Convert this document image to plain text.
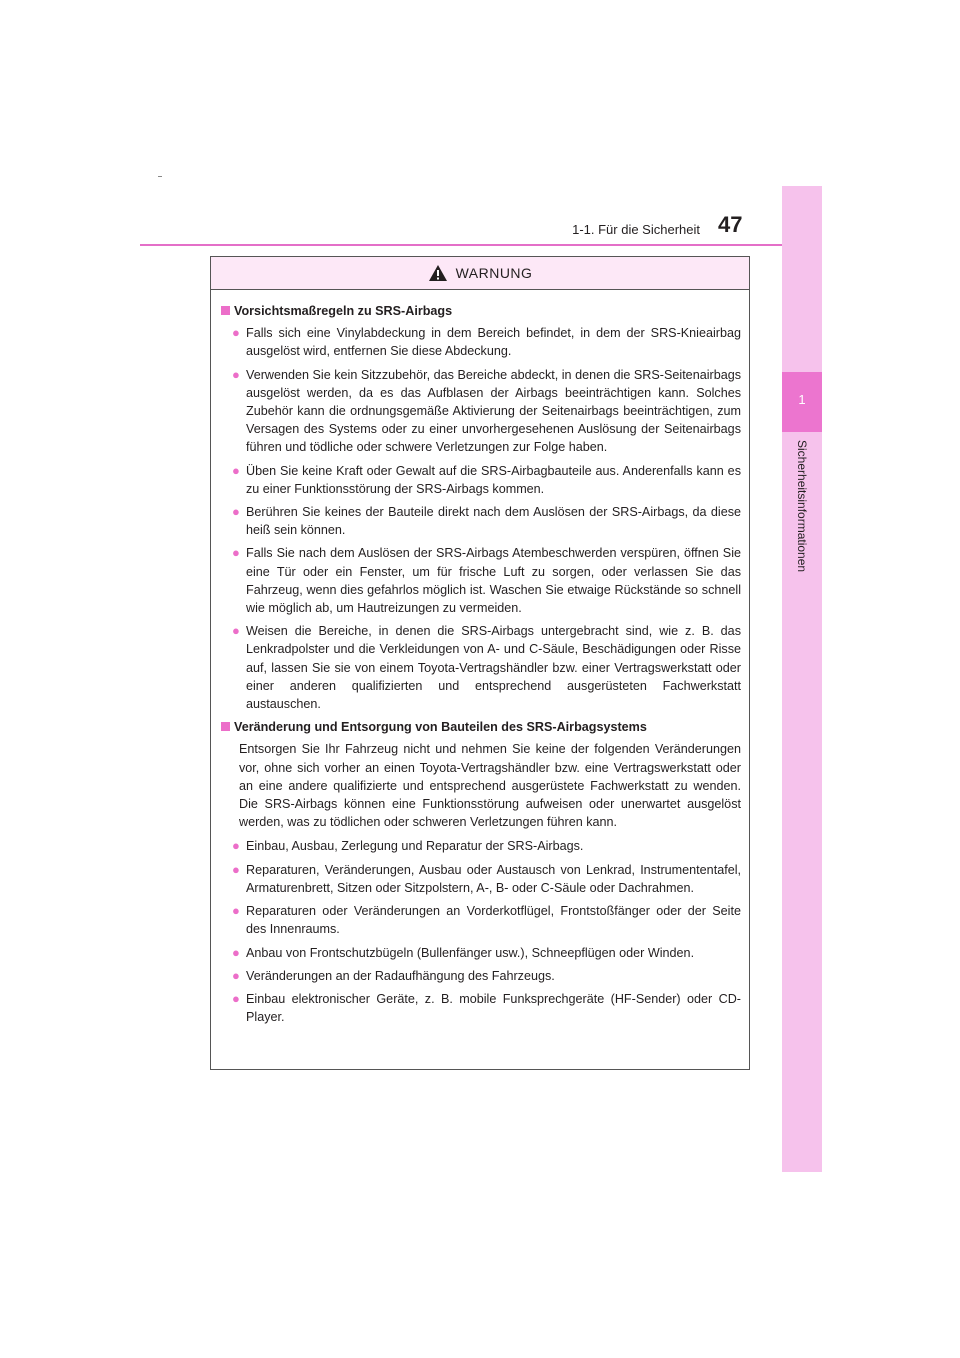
1-1. Für die Sicherheit 47
1
Sicherheitsinformationen
WARNUNG
Vorsichtsmaßregeln zu SRS-Airbags
● Falls sich eine Vinylabdeckung in dem Bereich befindet, in dem der SRS-Knieairbag ausgelöst wird, entfernen Sie diese Abdeckung.
● Verwenden Sie kein Sitzzubehör, das Bereiche abdeckt, in denen die SRS-Seitenairbags ausgelöst werden, da es das Aufblasen der Airbags beeinträchtigen kann. Solches Zubehör kann die ordnungsgemäße Aktivierung der Seitenairbags beeinträchtigen, zum Versagen des Systems oder zu einer unvorhergesehenen Auslösung der Seitenairbags führen und tödliche oder schwere Verletzungen zur Folge haben.
● Üben Sie keine Kraft oder Gewalt auf die SRS-Airbagbauteile aus. Anderenfalls kann es zu einer Funktionsstörung der SRS-Airbags kommen.
● Berühren Sie keines der Bauteile direkt nach dem Auslösen der SRS-Airbags, da diese heiß sein können.
● Falls Sie nach dem Auslösen der SRS-Airbags Atembeschwerden verspüren, öffnen Sie eine Tür oder ein Fenster, um für frische Luft zu sorgen, oder verlassen Sie das Fahrzeug, wenn dies gefahrlos möglich ist. Waschen Sie etwaige Rückstände so schnell wie möglich ab, um Hautreizungen zu vermeiden.
● Weisen die Bereiche, in denen die SRS-Airbags untergebracht sind, wie z. B. das Lenkradpolster und die Verkleidungen von A- und C-Säule, Beschädigungen oder Risse auf, lassen Sie sie von einem Toyota-Vertragshändler bzw. einer Vertragswerkstatt oder einer anderen qualifizierten und entsprechend ausgerüsteten Fachwerkstatt austauschen.
Veränderung und Entsorgung von Bauteilen des SRS-Airbagsystems
Entsorgen Sie Ihr Fahrzeug nicht und nehmen Sie keine der folgenden Veränderungen vor, ohne sich vorher an einen Toyota-Vertragshändler bzw. eine Vertragswerkstatt oder an eine andere qualifizierte und entsprechend ausgerüstete Fachwerkstatt zu wenden. Die SRS-Airbags können eine Funktionsstörung aufweisen oder unerwartet ausgelöst werden, was zu tödlichen oder schweren Verletzungen führen kann.
● Einbau, Ausbau, Zerlegung und Reparatur der SRS-Airbags.
● Reparaturen, Veränderungen, Ausbau oder Austausch von Lenkrad, Instrumententafel, Armaturenbrett, Sitzen oder Sitzpolstern, A-, B- oder C-Säule oder Dachrahmen.
● Reparaturen oder Veränderungen an Vorderkotflügel, Frontstoßfänger oder der Seite des Innenraums.
● Anbau von Frontschutzbügeln (Bullenfänger usw.), Schneepflügen oder Winden.
● Veränderungen an der Radaufhängung des Fahrzeugs.
● Einbau elektronischer Geräte, z. B. mobile Funksprechgeräte (HF-Sender) oder CD-Player.
